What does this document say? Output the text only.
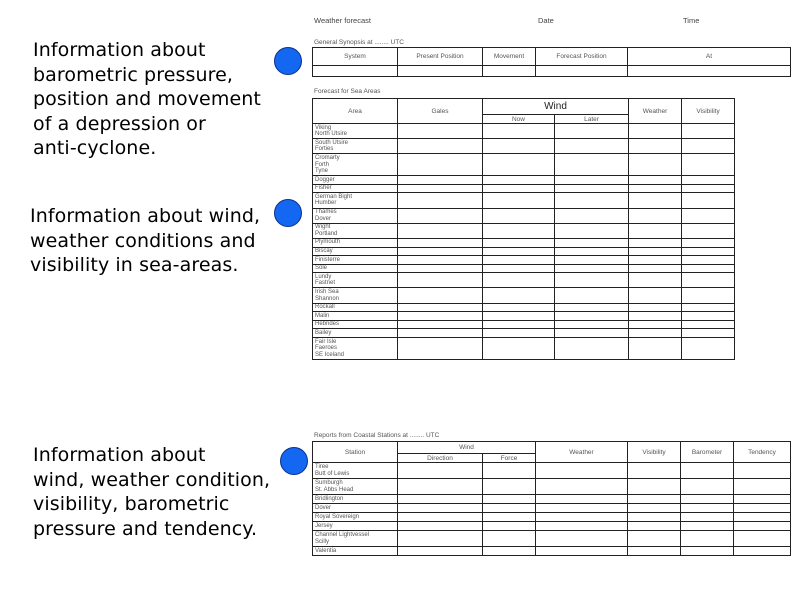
Information about
barometric pressure,
position and movement
of a depression or
anti-cyclone.
Information about wind,
weather conditions and
visibility in sea-areas.
Information about
wind, weather condition,
visibility, barometric
pressure and tendency.
Weather forecast	Date	Time
General Synopsis at ........ UTC
System	Present Position	Movement	Forecast Position	At

Forecast for Sea Areas
Area	Gales	Wind		Weather	Visibility
		Now	Later		

Viking
North Utsire					

South Utsire
Forties					

Cromarty
Forth
Tyne					

Dogger					

Fisher					

German Bight
Humber					

Thames
Dover					

Wight
Portland					

Plymouth					

Biscay					

Finisterre					

Sole					

Lundy
Fastnet					

Irish Sea
Shannon					

Rockall					

Malin					

Hebrides					

Bailey					

Fair Isle
Faeroes
SE Iceland					

Reports from Coastal Stations at ........ UTC
Station	Wind		Weather	Visibility	Barometer	Tendency
	Direction	Force				

Tiree
Butt of Lewis						

Sumburgh
St. Abbs Head						

Bridlington						

Dover						

Royal Sovereign						

Jersey						

Channel Lightvessel
Scilly						

Valentia						
